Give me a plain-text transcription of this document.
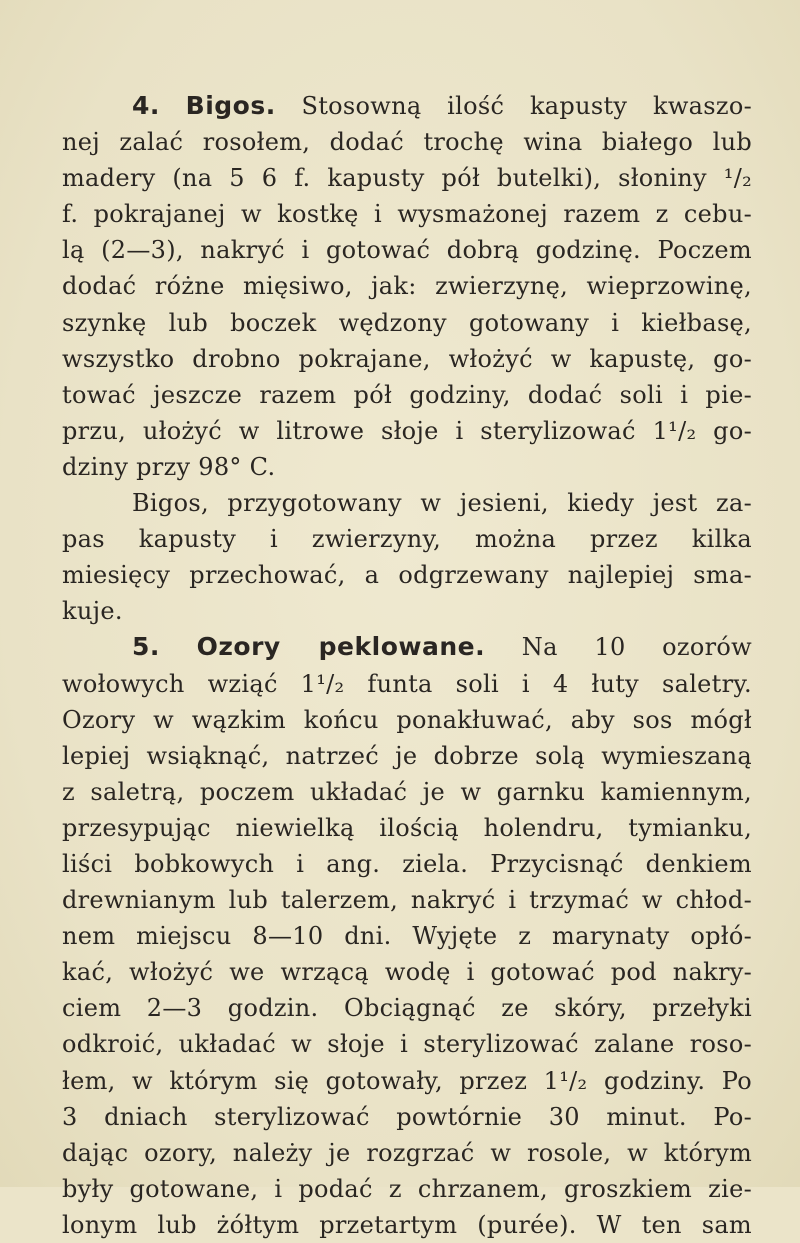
4. Bigos. Stosowną ilość kapusty kwaszo-
nej zalać rosołem, dodać trochę wina białego lub
madery (na 5 6 f. kapusty pół butelki), słoniny ¹/₂
f. pokrajanej w kostkę i wysmażonej razem z cebu-
lą (2—3), nakryć i gotować dobrą godzinę. Poczem
dodać różne mięsiwo, jak: zwierzynę, wieprzowinę,
szynkę lub boczek wędzony gotowany i kiełbasę,
wszystko drobno pokrajane, włożyć w kapustę, go-
tować jeszcze razem pół godziny, dodać soli i pie-
przu, ułożyć w litrowe słoje i sterylizować 1¹/₂ go-
dziny przy 98° C.
Bigos, przygotowany w jesieni, kiedy jest za-
pas kapusty i zwierzyny, można przez kilka
miesięcy przechować, a odgrzewany najlepiej sma-
kuje.
5. Ozory peklowane. Na 10 ozorów
wołowych wziąć 1¹/₂ funta soli i 4 łuty saletry.
Ozory w wązkim końcu ponakłuwać, aby sos mógł
lepiej wsiąknąć, natrzeć je dobrze solą wymieszaną
z saletrą, poczem układać je w garnku kamiennym,
przesypując niewielką ilością holendru, tymianku,
liści bobkowych i ang. ziela. Przycisnąć denkiem
drewnianym lub talerzem, nakryć i trzymać w chłod-
nem miejscu 8—10 dni. Wyjęte z marynaty opłó-
kać, włożyć we wrzącą wodę i gotować pod nakry-
ciem 2—3 godzin. Obciągnąć ze skóry, przełyki
odkroić, układać w słoje i sterylizować zalane roso-
łem, w którym się gotowały, przez 1¹/₂ godziny. Po
3 dniach sterylizować powtórnie 30 minut. Po-
dając ozory, należy je rozgrzać w rosole, w którym
były gotowane, i podać z chrzanem, groszkiem zie-
lonym lub żółtym przetartym (purée). W ten sam
